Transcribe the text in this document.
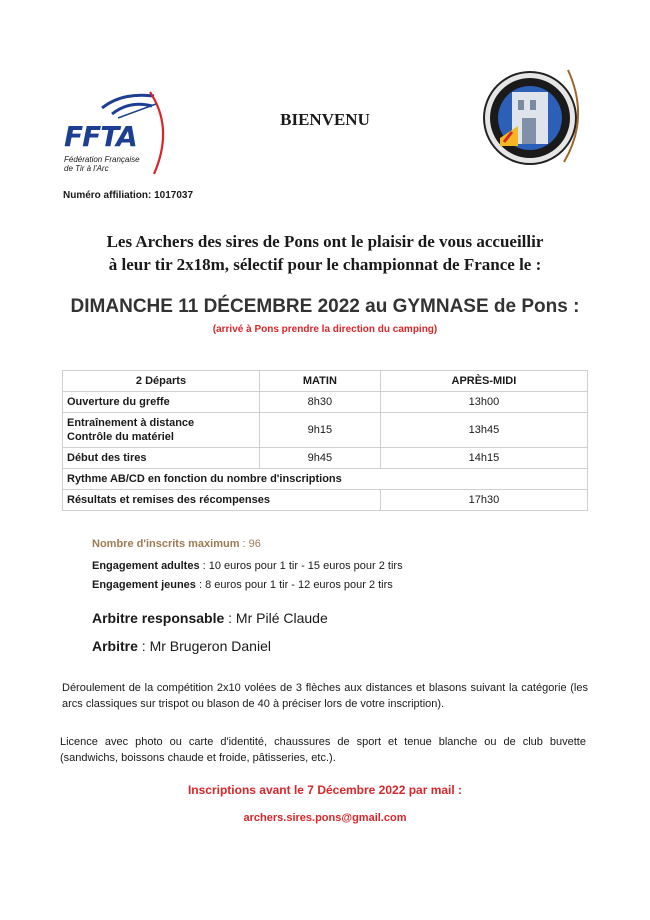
FFTA
Fédération Française
de Tir à l'Arc
BIENVENU
Numéro affiliation: 1017037
Les Archers des sires de Pons ont le plaisir de vous accueillir
à leur tir 2x18m, sélectif pour le championnat de France le :
DIMANCHE 11 DÉCEMBRE 2022 au GYMNASE de Pons :
(arrivé à Pons prendre la direction du camping)
2 Départs	MATIN	APRÈS-MIDI
Ouverture du greffe	8h30	13h00

Entraînement à distance
Contrôle du matériel	9h15	13h45
Début des tires	9h45	14h15
Rythme AB/CD en fonction du nombre d'inscriptions		
Résultats et remises des récompenses		17h30
Nombre d'inscrits maximum : 96
Engagement adultes : 10 euros pour 1 tir - 15 euros pour 2 tirs
Engagement jeunes : 8 euros pour 1 tir - 12 euros pour 2 tirs
Arbitre responsable : Mr Pilé Claude
Arbitre : Mr Brugeron Daniel
Déroulement de la compétition 2x10 volées de 3 flèches aux distances et blasons suivant la catégorie (les arcs classiques sur trispot ou blason de 40 à préciser lors de votre inscription).
Licence avec photo ou carte d'identité, chaussures de sport et tenue blanche ou de club buvette (sandwichs, boissons chaude et froide, pâtisseries, etc.).
Inscriptions avant le 7 Décembre 2022 par mail :
archers.sires.pons@gmail.com
